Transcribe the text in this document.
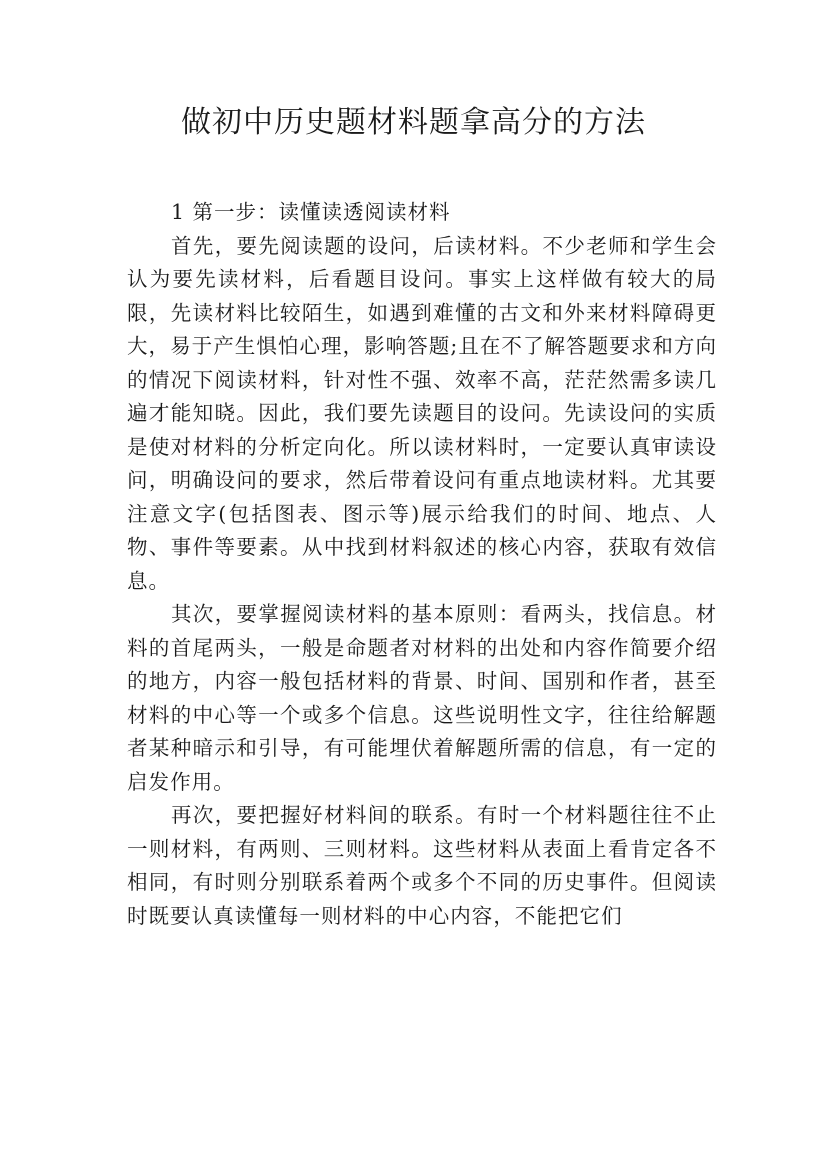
做初中历史题材料题拿高分的方法

1 第一步：读懂读透阅读材料

首先，要先阅读题的设问，后读材料。不少老师和学生会认为要先读材料，后看题目设问。事实上这样做有较大的局限，先读材料比较陌生，如遇到难懂的古文和外来材料障碍更大，易于产生惧怕心理，影响答题;且在不了解答题要求和方向的情况下阅读材料，针对性不强、效率不高，茫茫然需多读几遍才能知晓。因此，我们要先读题目的设问。先读设问的实质是使对材料的分析定向化。所以读材料时，一定要认真审读设问，明确设问的要求，然后带着设问有重点地读材料。尤其要注意文字(包括图表、图示等)展示给我们的时间、地点、人物、事件等要素。从中找到材料叙述的核心内容，获取有效信息。

其次，要掌握阅读材料的基本原则：看两头，找信息。材料的首尾两头，一般是命题者对材料的出处和内容作简要介绍的地方，内容一般包括材料的背景、时间、国别和作者，甚至材料的中心等一个或多个信息。这些说明性文字，往往给解题者某种暗示和引导，有可能埋伏着解题所需的信息，有一定的启发作用。

再次，要把握好材料间的联系。有时一个材料题往往不止一则材料，有两则、三则材料。这些材料从表面上看肯定各不相同，有时则分别联系着两个或多个不同的历史事件。但阅读时既要认真读懂每一则材料的中心内容，不能把它们
